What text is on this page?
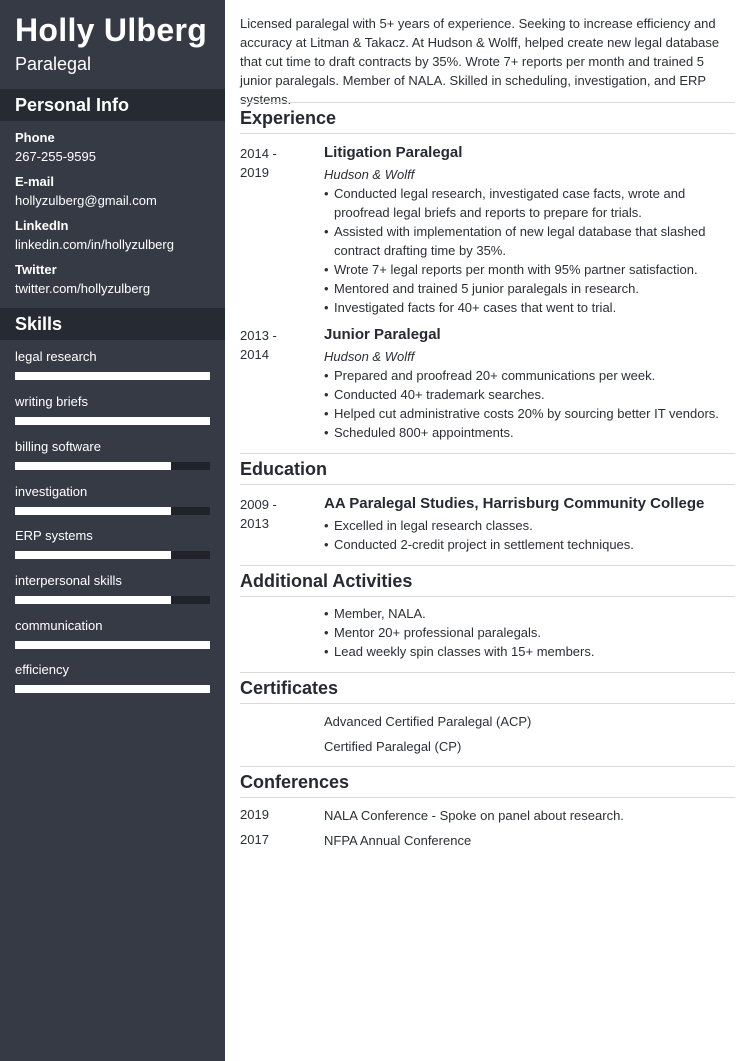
Holly Ulberg
Paralegal
Personal Info
Phone
267-255-9595
E-mail
hollyzulberg@gmail.com
LinkedIn
linkedin.com/in/hollyzulberg
Twitter
twitter.com/hollyzulberg
Skills
legal research
writing briefs
billing software
investigation
ERP systems
interpersonal skills
communication
efficiency

Licensed paralegal with 5+ years of experience. Seeking to increase efficiency and accuracy at Litman & Takacz. At Hudson & Wolff, helped create new legal database that cut time to draft contracts by 35%. Wrote 7+ reports per month and trained 5 junior paralegals. Member of NALA. Skilled in scheduling, investigation, and ERP systems.

Experience
2014 -
2019
Litigation Paralegal
Hudson & Wolff
• Conducted legal research, investigated case facts, wrote and proofread legal briefs and reports to prepare for trials.
• Assisted with implementation of new legal database that slashed contract drafting time by 35%.
• Wrote 7+ legal reports per month with 95% partner satisfaction.
• Mentored and trained 5 junior paralegals in research.
• Investigated facts for 40+ cases that went to trial.
2013 -
2014
Junior Paralegal
Hudson & Wolff
• Prepared and proofread 20+ communications per week.
• Conducted 40+ trademark searches.
• Helped cut administrative costs 20% by sourcing better IT vendors.
• Scheduled 800+ appointments.
Education
2009 -
2013
AA Paralegal Studies, Harrisburg Community College
• Excelled in legal research classes.
• Conducted 2-credit project in settlement techniques.
Additional Activities
• Member, NALA.
• Mentor 20+ professional paralegals.
• Lead weekly spin classes with 15+ members.
Certificates
Advanced Certified Paralegal (ACP)
Certified Paralegal (CP)
Conferences
2019	NALA Conference - Spoke on panel about research.
2017	NFPA Annual Conference
